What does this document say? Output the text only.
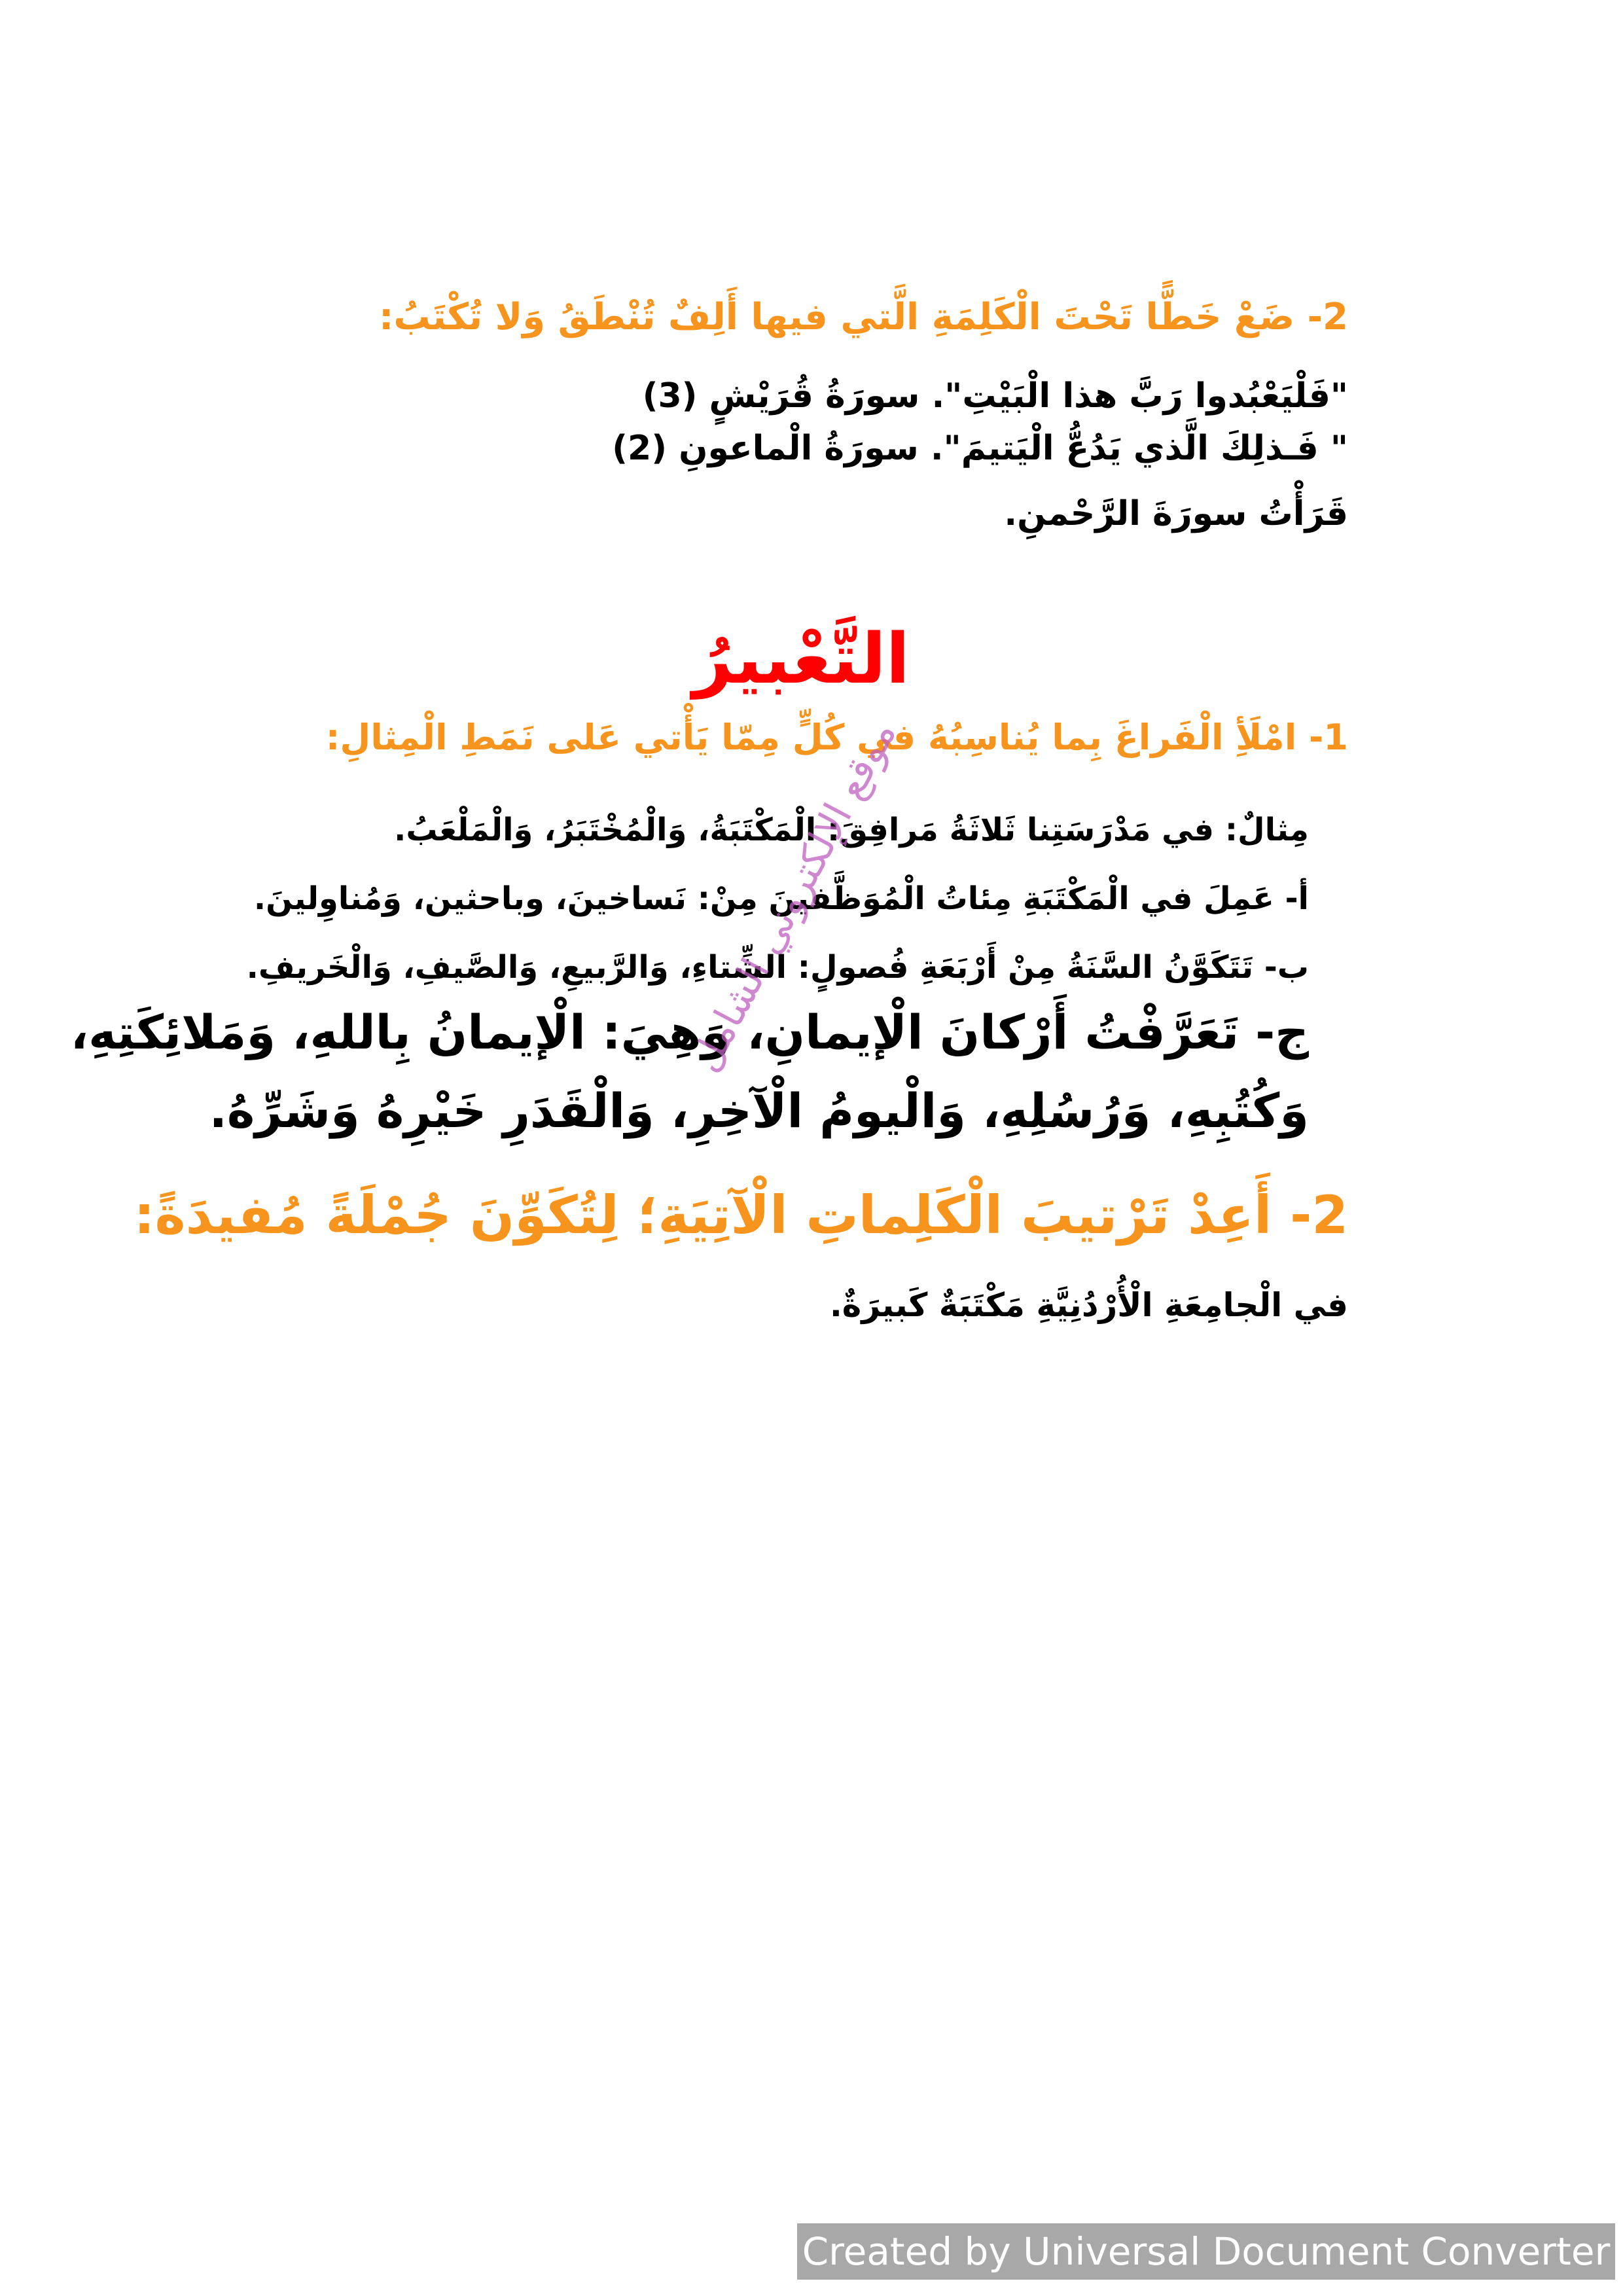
2- ضَعْ خَطًّا تَحْتَ الْكَلِمَةِ الَّتي فيها أَلِفٌ تُنْطَقُ وَلا تُكْتَبُ:
"فَلْيَعْبُدوا رَبَّ هذا الْبَيْتِ". سورَةُ قُرَيْشٍ (3)
" فَـذلِكَ الَّذي يَدُعُّ الْيَتيمَ". سورَةُ الْماعونِ (2)
قَرَأْتُ سورَةَ الرَّحْمنِ.
التَّعْبيرُ
1- امْلَأِ الْفَراغَ بِما يُناسِبُهُ في كُلٍّ مِمّا يَأْتي عَلى نَمَطِ الْمِثالِ:
مِثالٌ: في مَدْرَسَتِنا ثَلاثَةُ مَرافِقَ: الْمَكْتَبَةُ، وَالْمُخْتَبَرُ، وَالْمَلْعَبُ.
أ- عَمِلَ في الْمَكْتَبَةِ مِئاتُ الْمُوَظَّفينَ مِنْ: نَساخينَ، وباحثين، وَمُناوِلينَ.
ب- تَتَكَوَّنُ السَّنَةُ مِنْ أَرْبَعَةِ فُصولٍ: الشِّتاءِ، وَالرَّبيعِ، وَالصَّيفِ، وَالْخَريفِ.
ج- تَعَرَّفْتُ أَرْكانَ الْإيمانِ، وَهِيَ: الْإيمانُ بِاللهِ، وَمَلائِكَتِهِ،
وَكُتُبِهِ، وَرُسُلِهِ، وَالْيومُ الْآخِرِ، وَالْقَدَرِ خَيْرِهُ وَشَرِّهُ.
2- أَعِدْ تَرْتيبَ الْكَلِماتِ الْآتِيَةِ؛ لِتُكَوِّنَ جُمْلَةً مُفيدَةً:
في الْجامِعَةِ الْأُرْدُنِيَّةِ مَكْتَبَةٌ كَبيرَةٌ.
موقع الإلكتروني الشامل
Created by Universal Document Converter
